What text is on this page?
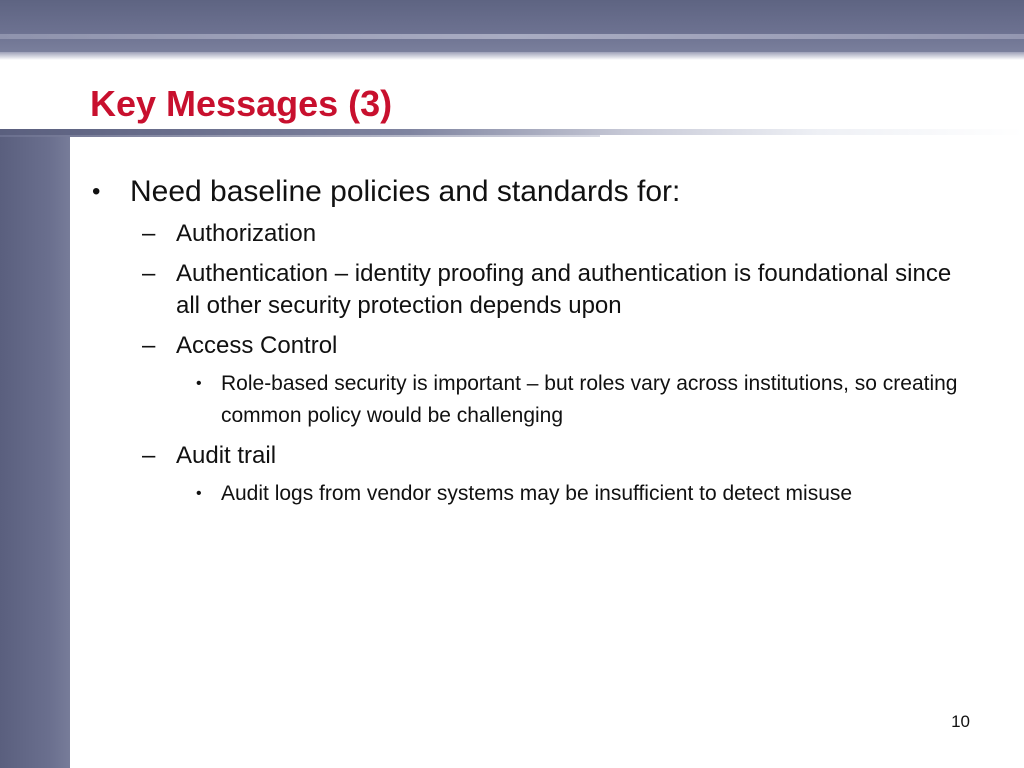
Key Messages (3)
• Need baseline policies and standards for:
– Authorization
– Authentication – identity proofing and authentication is foundational since all other security protection depends upon
– Access Control
• Role-based security is important – but roles vary across institutions, so creating common policy would be challenging
– Audit trail
• Audit logs from vendor systems may be insufficient to detect misuse
10
